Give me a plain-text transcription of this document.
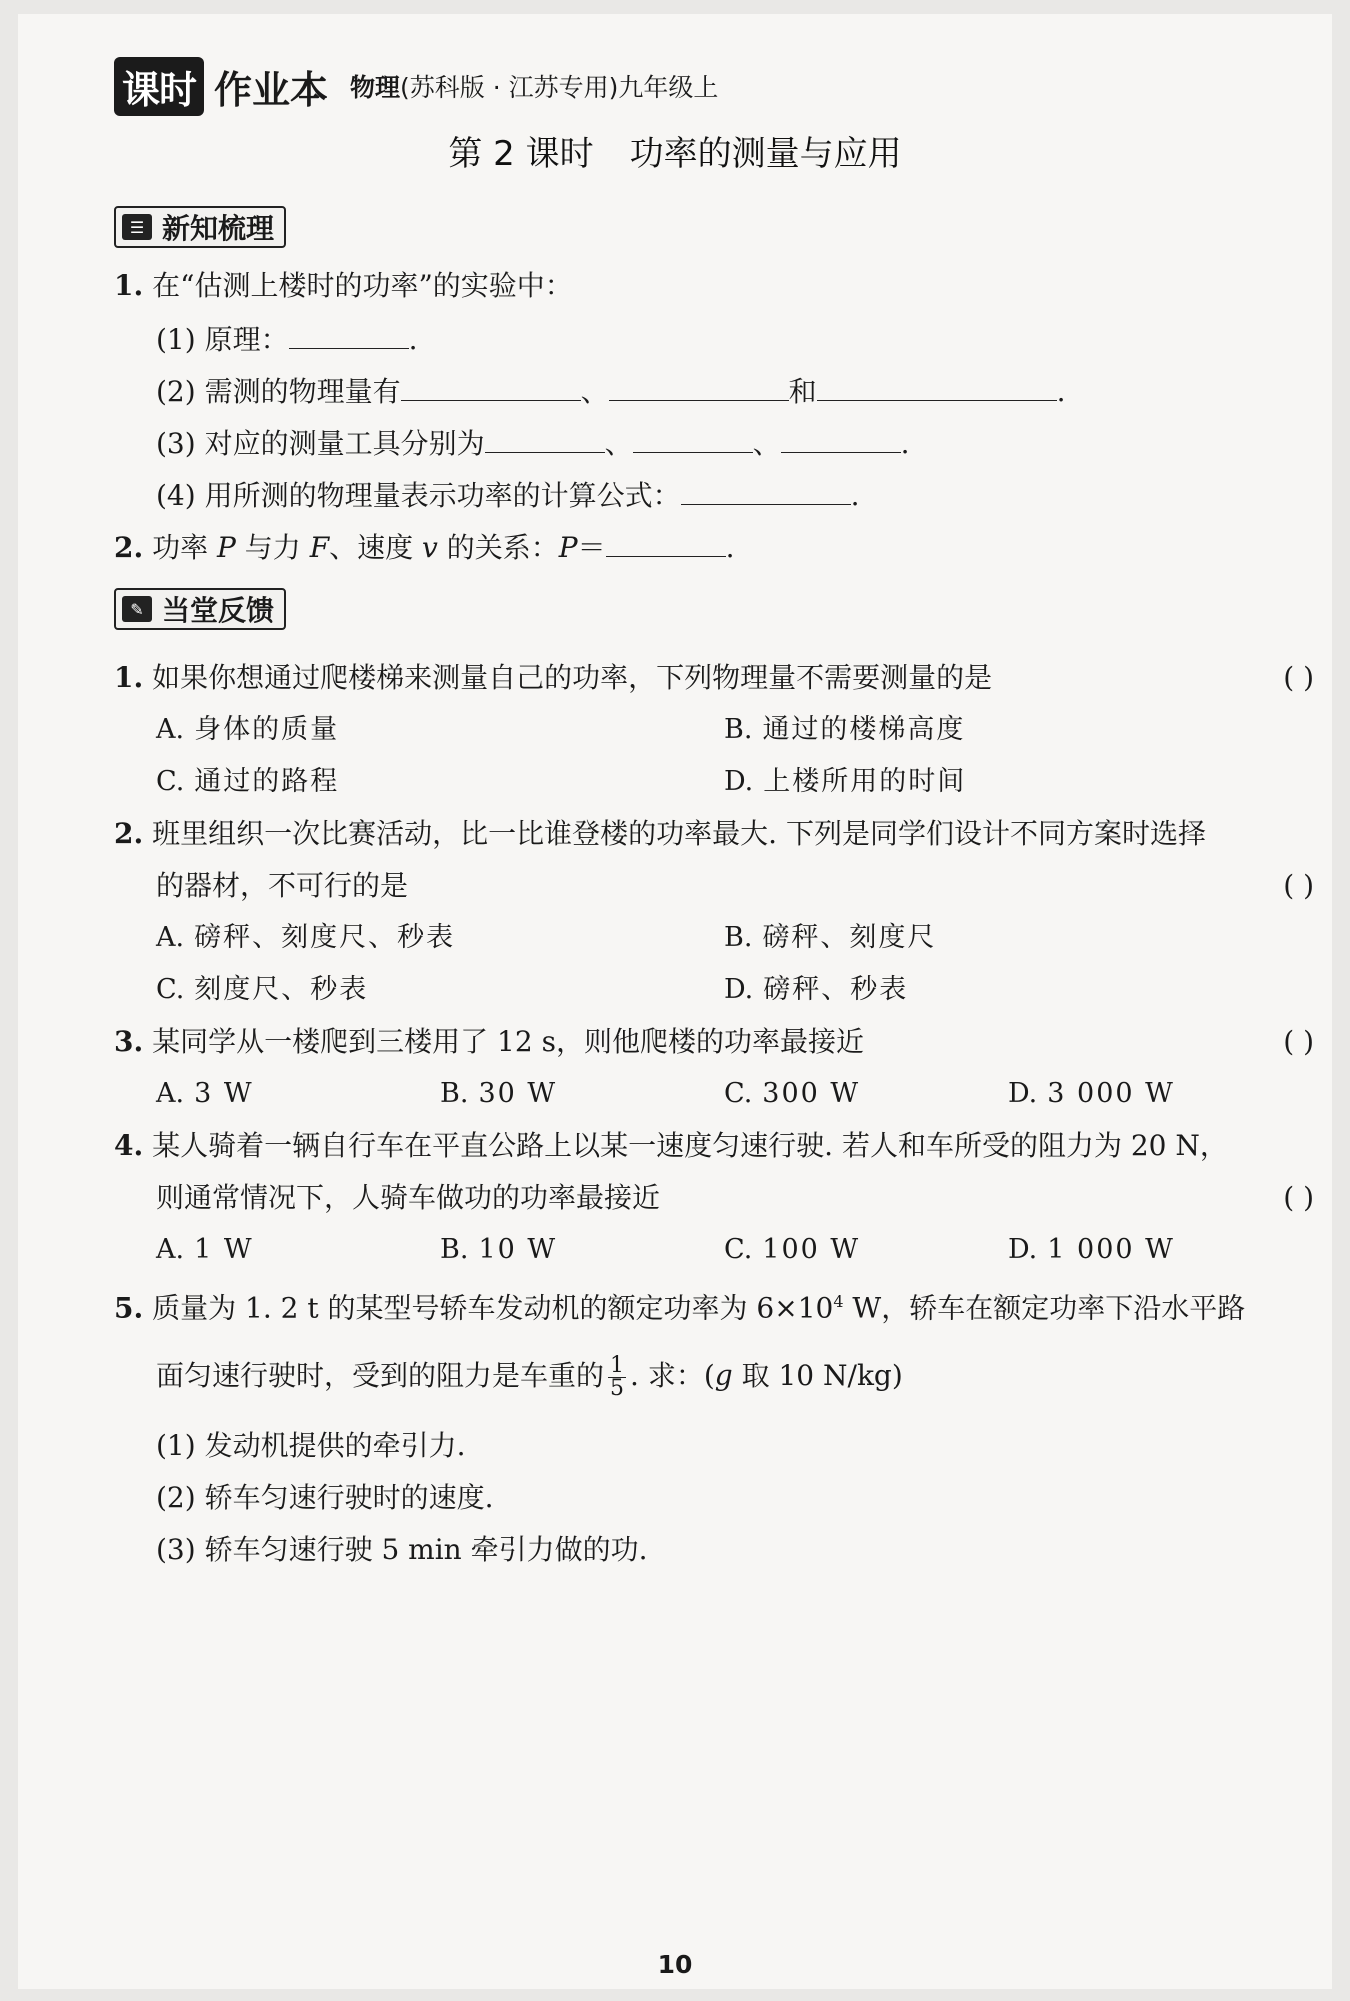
课时 作业本 物理(苏科版 · 江苏专用)九年级上
第 2 课时 功率的测量与应用
☰ 新知梳理
1. 在“估测上楼时的功率”的实验中：
(1) 原理：	.
(2) 需测的物理量有	、	和	.
(3) 对应的测量工具分别为	、	、	.
(4) 用所测的物理量表示功率的计算公式：	.
2. 功率 P 与力 F、速度 v 的关系：P＝	.
✎ 当堂反馈
1. 如果你想通过爬楼梯来测量自己的功率，下列物理量不需要测量的是	( )
A. 身体的质量	B. 通过的楼梯高度
C. 通过的路程	D. 上楼所用的时间
2. 班里组织一次比赛活动，比一比谁登楼的功率最大. 下列是同学们设计不同方案时选择
的器材，不可行的是	( )
A. 磅秤、刻度尺、秒表	B. 磅秤、刻度尺
C. 刻度尺、秒表	D. 磅秤、秒表
3. 某同学从一楼爬到三楼用了 12 s，则他爬楼的功率最接近	( )
A. 3 W	B. 30 W	C. 300 W	D. 3 000 W
4. 某人骑着一辆自行车在平直公路上以某一速度匀速行驶. 若人和车所受的阻力为 20 N，
则通常情况下，人骑车做功的功率最接近	( )
A. 1 W	B. 10 W	C. 100 W	D. 1 000 W
5. 质量为 1. 2 t 的某型号轿车发动机的额定功率为 $6\times 10^4$ W，轿车在额定功率下沿水平路
面匀速行驶时，受到的阻力是车重的 $\frac{1}{5}$ . 求：(g 取 10 N/kg)
(1) 发动机提供的牵引力.
(2) 轿车匀速行驶时的速度.
(3) 轿车匀速行驶 5 min 牵引力做的功.
10
